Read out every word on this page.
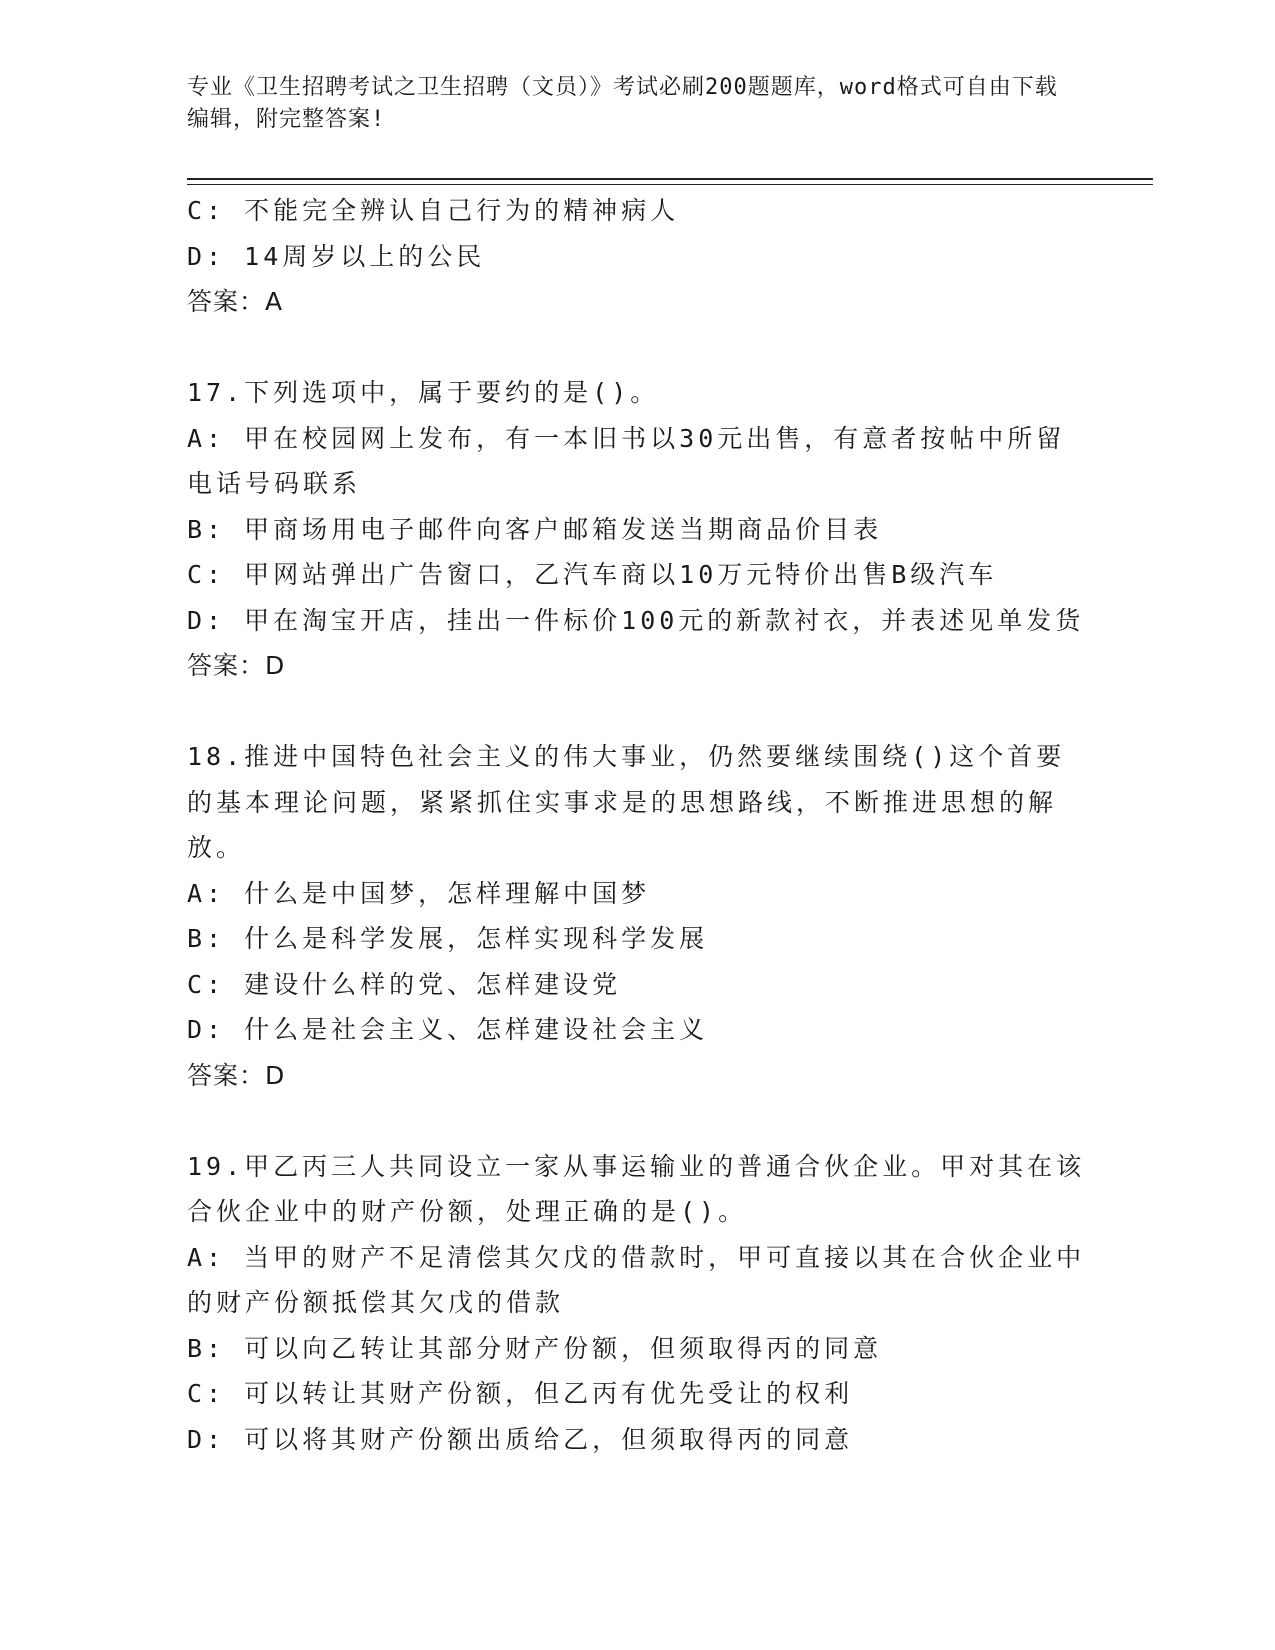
专业《卫生招聘考试之卫生招聘（文员）》考试必刷200题题库，word格式可自由下载编辑，附完整答案!
C: 不能完全辨认自己行为的精神病人
D: 14周岁以上的公民
答案：A
17.下列选项中，属于要约的是()。
A: 甲在校园网上发布，有一本旧书以30元出售，有意者按帖中所留电话号码联系
B: 甲商场用电子邮件向客户邮箱发送当期商品价目表
C: 甲网站弹出广告窗口，乙汽车商以10万元特价出售B级汽车
D: 甲在淘宝开店，挂出一件标价100元的新款衬衣，并表述见单发货
答案：D
18.推进中国特色社会主义的伟大事业，仍然要继续围绕()这个首要的基本理论问题，紧紧抓住实事求是的思想路线，不断推进思想的解放。
A: 什么是中国梦，怎样理解中国梦
B: 什么是科学发展，怎样实现科学发展
C: 建设什么样的党、怎样建设党
D: 什么是社会主义、怎样建设社会主义
答案：D
19.甲乙丙三人共同设立一家从事运输业的普通合伙企业。甲对其在该合伙企业中的财产份额，处理正确的是()。
A: 当甲的财产不足清偿其欠戊的借款时，甲可直接以其在合伙企业中的财产份额抵偿其欠戊的借款
B: 可以向乙转让其部分财产份额，但须取得丙的同意
C: 可以转让其财产份额，但乙丙有优先受让的权利
D: 可以将其财产份额出质给乙，但须取得丙的同意
